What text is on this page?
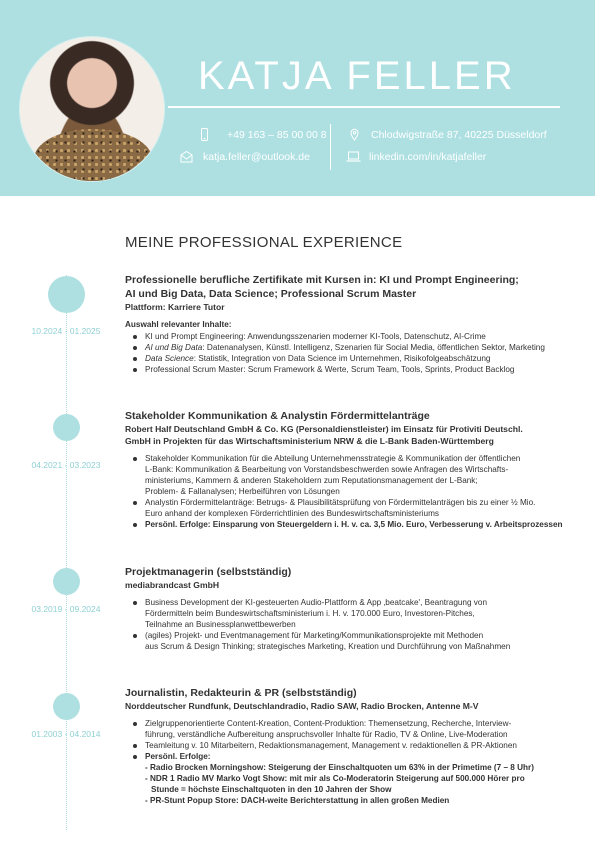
KATJA FELLER
+49 163 – 85 00 00 8
katja.feller@outlook.de
Chlodwigstraße 87, 40225 Düsseldorf
linkedin.com/in/katjafeller
MEINE PROFESSIONAL EXPERIENCE
10.2024 - 01.2025
04.2021 - 03.2023
03.2019 - 09.2024
01.2003 - 04.2014
Professionelle berufliche Zertifikate mit Kursen in: KI und Prompt Engineering;
AI und Big Data, Data Science; Professional Scrum Master
Plattform: Karriere Tutor
Auswahl relevanter Inhalte:
KI und Prompt Engineering: Anwendungsszenarien moderner KI-Tools, Datenschutz, AI-Crime
AI und Big Data: Datenanalysen, Künstl. Intelligenz, Szenarien für Social Media, öffentlichen Sektor, Marketing
Data Science: Statistik, Integration von Data Science im Unternehmen, Risikofolgeabschätzung
Professional Scrum Master: Scrum Framework & Werte, Scrum Team, Tools, Sprints, Product Backlog
Stakeholder Kommunikation & Analystin Fördermittelanträge
Robert Half Deutschland GmbH & Co. KG (Personaldienstleister) im Einsatz für Protiviti Deutschl.
GmbH in Projekten für das Wirtschaftsministerium NRW & die L-Bank Baden-Württemberg
Stakeholder Kommunikation für die Abteilung Unternehmensstrategie & Kommunikation der öffentlichen
L-Bank: Kommunikation & Bearbeitung von Vorstandsbeschwerden sowie Anfragen des Wirtschafts-
ministeriums, Kammern & anderen Stakeholdern zum Reputationsmanagement der L-Bank;
Problem- & Fallanalysen; Herbeiführen von Lösungen
Analystin Fördermittelanträge: Betrugs- & Plausibilitätsprüfung von Fördermittelanträgen bis zu einer ½ Mio.
Euro anhand der komplexen Förderrichtlinien des Bundeswirtschaftsministeriums
Persönl. Erfolge: Einsparung von Steuergeldern i. H. v. ca. 3,5 Mio. Euro, Verbesserung v. Arbeitsprozessen
Projektmanagerin (selbstständig)
mediabrandcast GmbH
Business Development der KI-gesteuerten Audio-Plattform & App ‚beatcake', Beantragung von
Fördermitteln beim Bundeswirtschaftsministerium i. H. v. 170.000 Euro, Investoren-Pitches,
Teilnahme an Businessplanwettbewerben
(agiles) Projekt- und Eventmanagement für Marketing/Kommunikationsprojekte mit Methoden
aus Scrum & Design Thinking; strategisches Marketing, Kreation und Durchführung von Maßnahmen
Journalistin, Redakteurin & PR (selbstständig)
Norddeutscher Rundfunk, Deutschlandradio, Radio SAW, Radio Brocken, Antenne M-V
Zielgruppenorientierte Content-Kreation, Content-Produktion: Themensetzung, Recherche, Interview-
führung, verständliche Aufbereitung anspruchsvoller Inhalte für Radio, TV & Online, Live-Moderation
Teamleitung v. 10 Mitarbeitern, Redaktionsmanagement, Management v. redaktionellen & PR-Aktionen
Persönl. Erfolge:
- Radio Brocken Morningshow: Steigerung der Einschaltquoten um 63% in der Primetime (7 – 8 Uhr)
- NDR 1 Radio MV Marko Vogt Show: mit mir als Co-Moderatorin Steigerung auf 500.000 Hörer pro
Stunde = höchste Einschaltquoten in den 10 Jahren der Show
- PR-Stunt Popup Store: DACH-weite Berichterstattung in allen großen Medien
